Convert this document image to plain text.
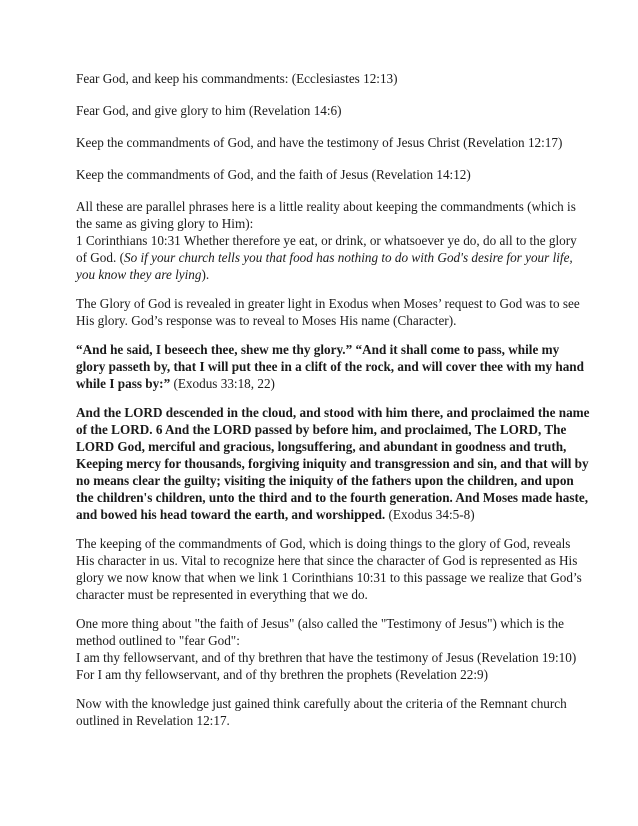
Fear God, and keep his commandments: (Ecclesiastes 12:13)

Fear God, and give glory to him (Revelation 14:6)

Keep the commandments of God, and have the testimony of Jesus Christ (Revelation 12:17)

Keep the commandments of God, and the faith of Jesus (Revelation 14:12)

All these are parallel phrases here is a little reality about keeping the commandments (which is
the same as giving glory to Him):
1 Corinthians 10:31 Whether therefore ye eat, or drink, or whatsoever ye do, do all to the glory
of God. (So if your church tells you that food has nothing to do with God's desire for your life,
you know they are lying).

The Glory of God is revealed in greater light in Exodus when Moses’ request to God was to see
His glory. God’s response was to reveal to Moses His name (Character).

“And he said, I beseech thee, shew me thy glory.” “And it shall come to pass, while my
glory passeth by, that I will put thee in a clift of the rock, and will cover thee with my hand
while I pass by:” (Exodus 33:18, 22)

And the LORD descended in the cloud, and stood with him there, and proclaimed the name
of the LORD. 6 And the LORD passed by before him, and proclaimed, The LORD, The
LORD God, merciful and gracious, longsuffering, and abundant in goodness and truth,
Keeping mercy for thousands, forgiving iniquity and transgression and sin, and that will by
no means clear the guilty; visiting the iniquity of the fathers upon the children, and upon
the children's children, unto the third and to the fourth generation. And Moses made haste,
and bowed his head toward the earth, and worshipped. (Exodus 34:5-8)

The keeping of the commandments of God, which is doing things to the glory of God, reveals
His character in us. Vital to recognize here that since the character of God is represented as His
glory we now know that when we link 1 Corinthians 10:31 to this passage we realize that God’s
character must be represented in everything that we do.

One more thing about "the faith of Jesus" (also called the "Testimony of Jesus") which is the
method outlined to "fear God":
I am thy fellowservant, and of thy brethren that have the testimony of Jesus (Revelation 19:10)
For I am thy fellowservant, and of thy brethren the prophets (Revelation 22:9)

Now with the knowledge just gained think carefully about the criteria of the Remnant church
outlined in Revelation 12:17.
